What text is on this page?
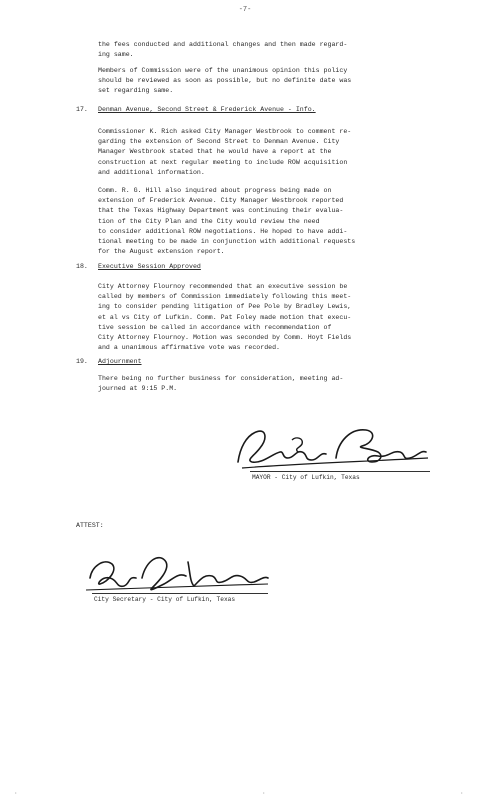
-7-
the fees conducted and additional changes and then made regard-
ing same.
Members of Commission were of the unanimous opinion this policy
should be reviewed as soon as possible, but no definite date was
set regarding same.
17. Denman Avenue, Second Street & Frederick Avenue - Info.
Commissioner K. Rich asked City Manager Westbrook to comment re-
garding the extension of Second Street to Denman Avenue. City
Manager Westbrook stated that he would have a report at the
construction at next regular meeting to include ROW acquisition
and additional information.
Comm. R. G. Hill also inquired about progress being made on
extension of Frederick Avenue. City Manager Westbrook reported
that the Texas Highway Department was continuing their evalua-
tion of the City Plan and the City would review the need
to consider additional ROW negotiations. He hoped to have addi-
tional meeting to be made in conjunction with additional requests
for the August extension report.
18. Executive Session Approved
City Attorney Flournoy recommended that an executive session be
called by members of Commission immediately following this meet-
ing to consider pending litigation of Pee Pole by Bradley Lewis,
et al vs City of Lufkin. Comm. Pat Foley made motion that execu-
tive session be called in accordance with recommendation of
City Attorney Flournoy. Motion was seconded by Comm. Hoyt Fields
and a unanimous affirmative vote was recorded.
19. Adjournment
There being no further business for consideration, meeting ad-
journed at 9:15 P.M.
MAYOR - City of Lufkin, Texas
ATTEST:
City Secretary - City of Lufkin, Texas
·	·	·
